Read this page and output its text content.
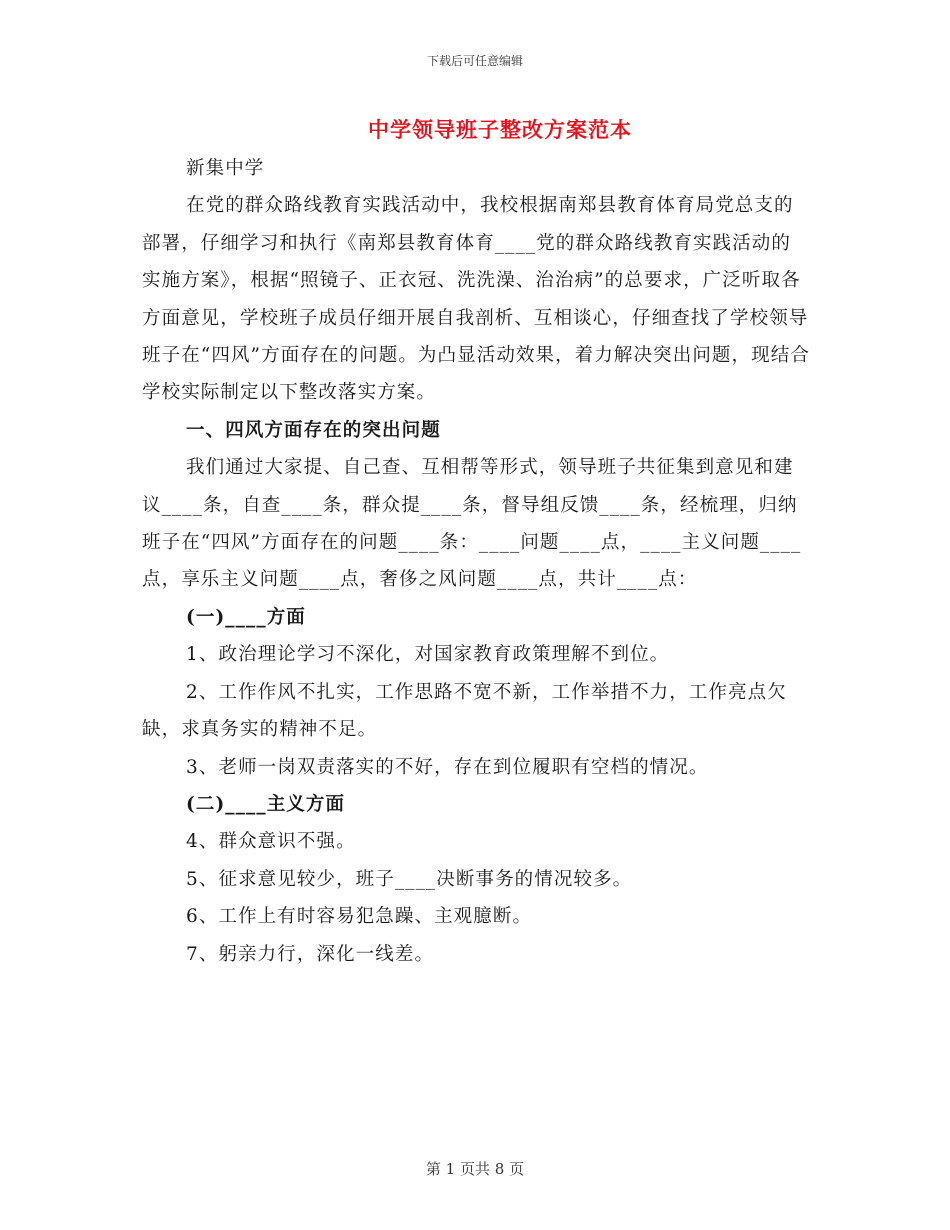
下载后可任意编辑
中学领导班子整改方案范本

新集中学

在党的群众路线教育实践活动中，我校根据南郑县教育体育局党总支的部署，仔细学习和执行《南郑县教育体育____党的群众路线教育实践活动的实施方案》，根据“照镜子、正衣冠、洗洗澡、治治病”的总要求，广泛听取各方面意见，学校班子成员仔细开展自我剖析、互相谈心，仔细查找了学校领导班子在“四风”方面存在的问题。为凸显活动效果，着力解决突出问题，现结合学校实际制定以下整改落实方案。

一、四风方面存在的突出问题

我们通过大家提、自己查、互相帮等形式，领导班子共征集到意见和建议____条，自查____条，群众提____条，督导组反馈____条，经梳理，归纳班子在“四风”方面存在的问题____条：____问题____点，____主义问题____点，享乐主义问题____点，奢侈之风问题____点，共计____点：

(一)____方面

1、政治理论学习不深化，对国家教育政策理解不到位。

2、工作作风不扎实，工作思路不宽不新，工作举措不力，工作亮点欠缺，求真务实的精神不足。

3、老师一岗双责落实的不好，存在到位履职有空档的情况。

(二)____主义方面

4、群众意识不强。

5、征求意见较少，班子____决断事务的情况较多。

6、工作上有时容易犯急躁、主观臆断。

7、躬亲力行，深化一线差。

第 1 页共 8 页
